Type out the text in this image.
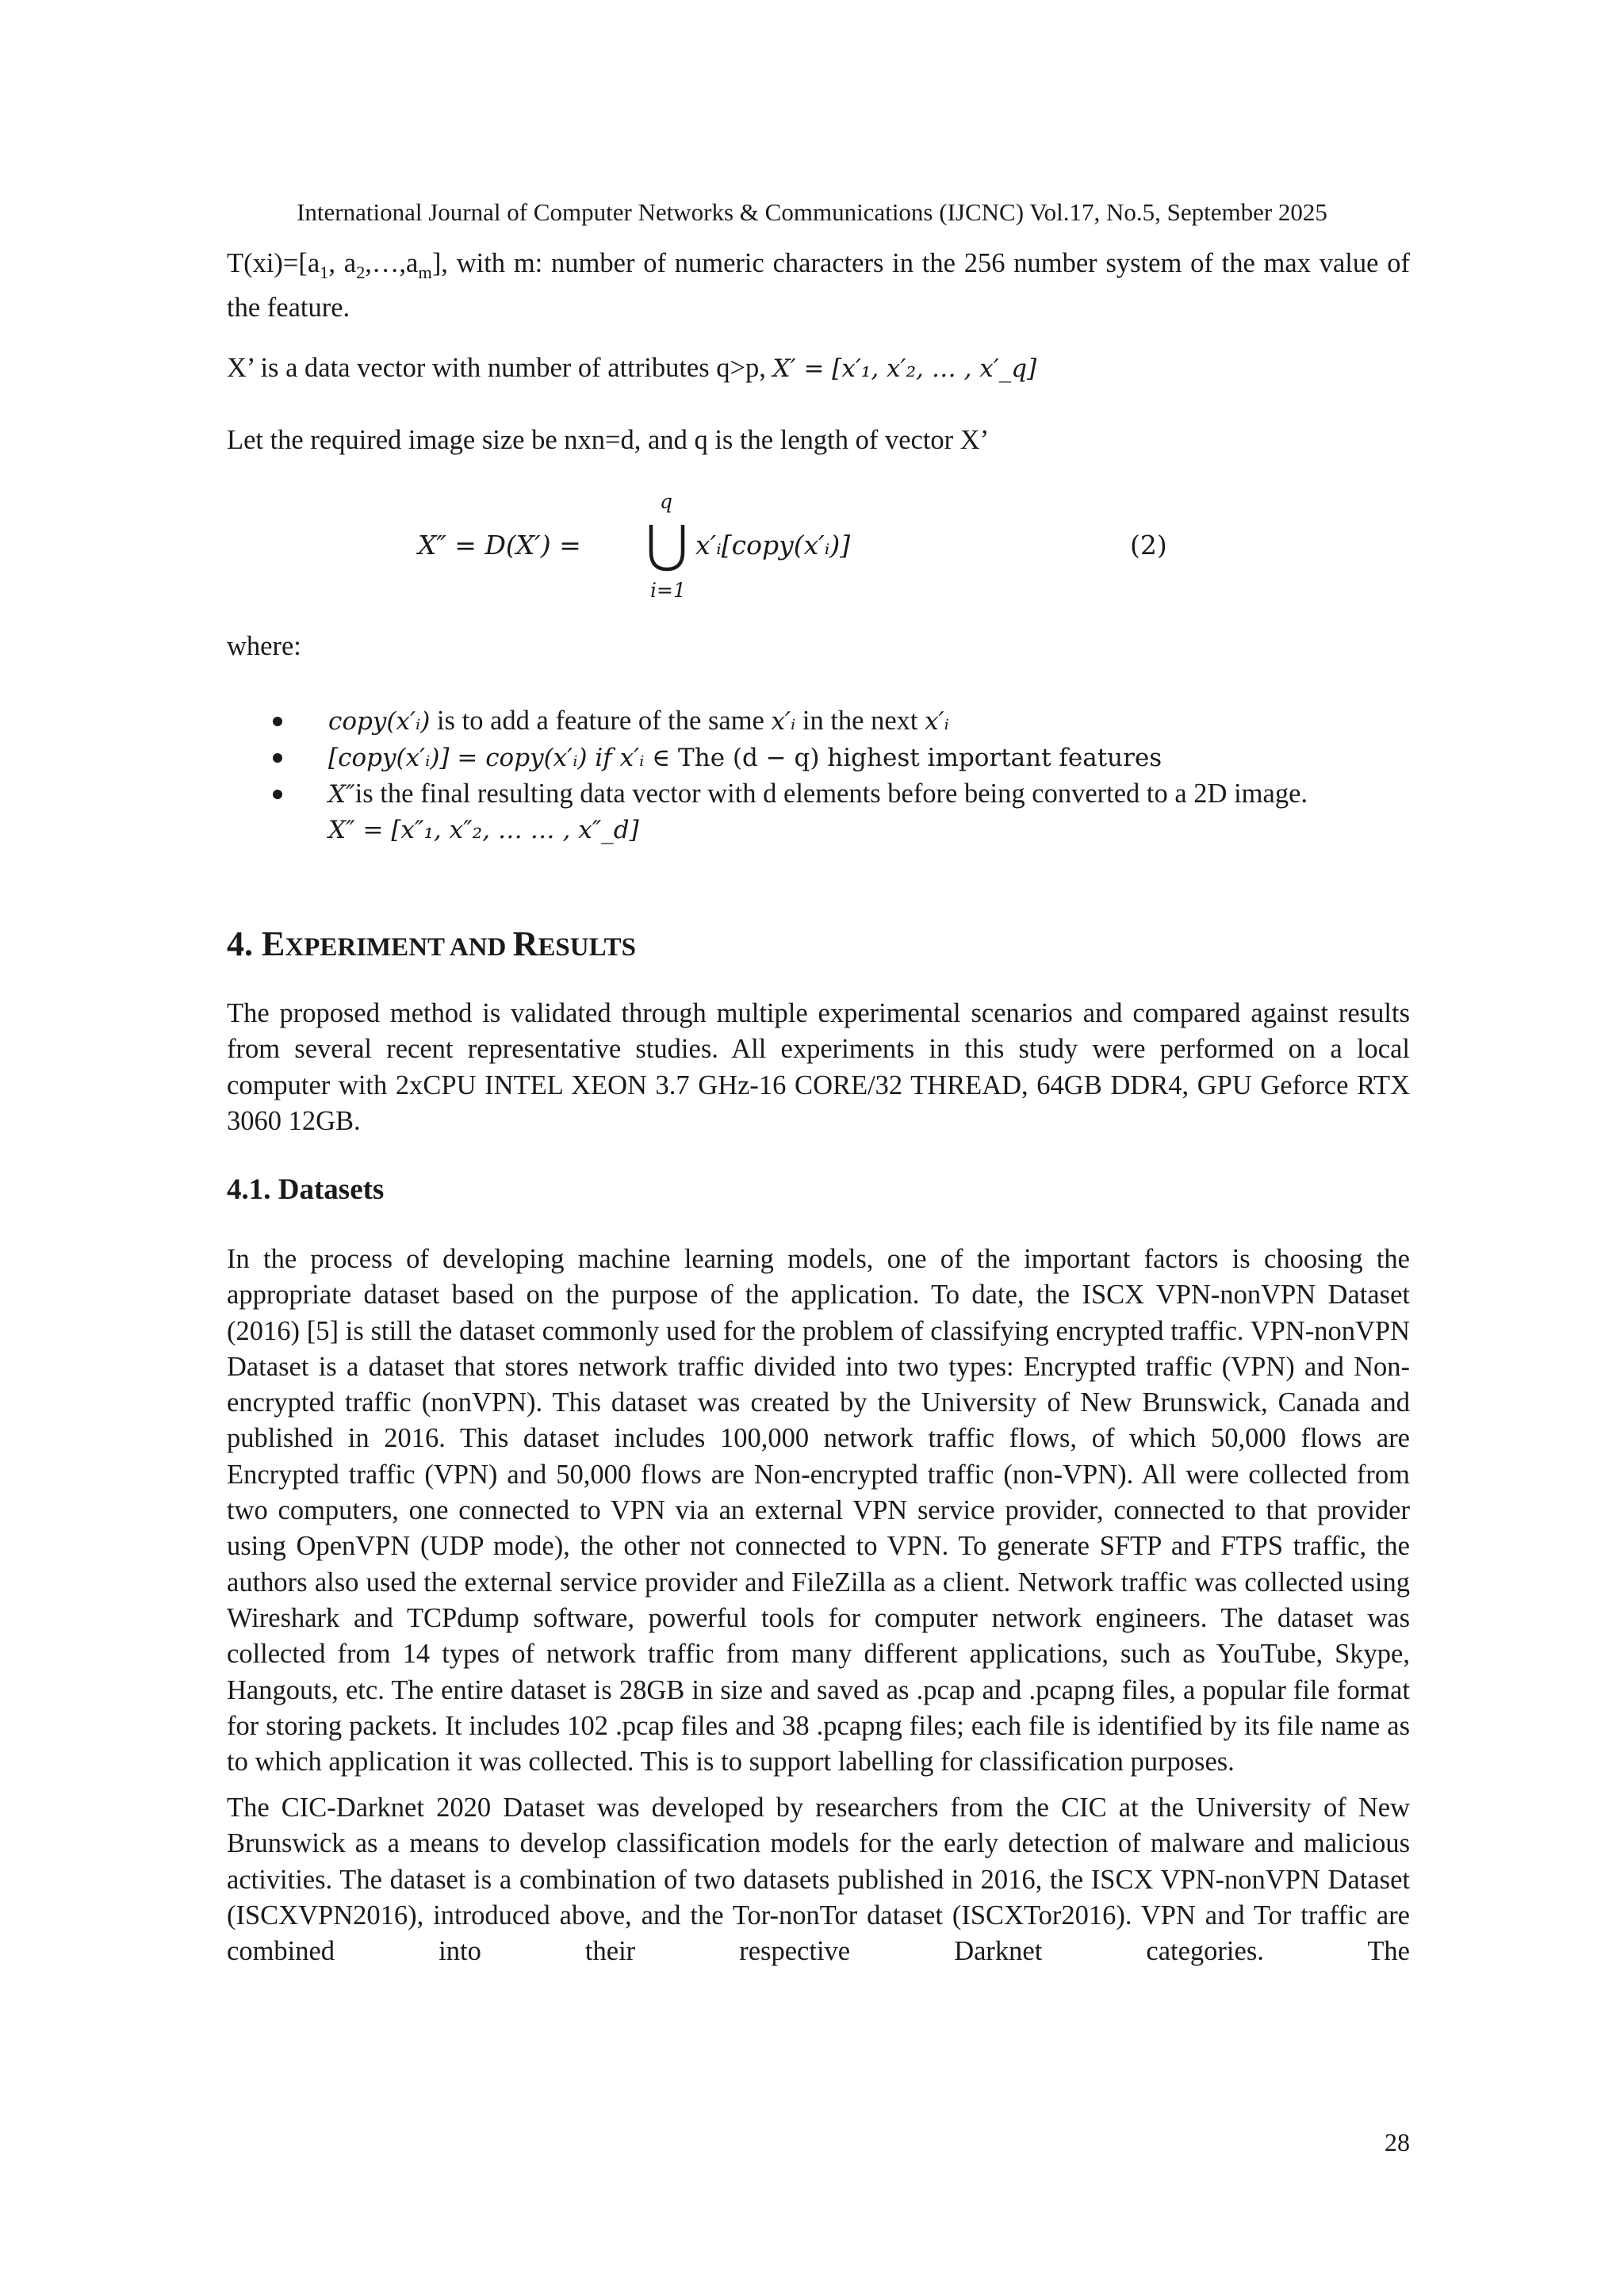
International Journal of Computer Networks & Communications (IJCNC) Vol.17, No.5, September 2025

$T(xi)=[a_1$, $a_2,\dots,a_m$], with m: number of numeric characters in the 256 number system of the max value of the feature.

X’ is a data vector with number of attributes q>p, X′ = [x′₁, x′₂, … , x′_q]
Let the required image size be nxn=d, and q is the length of vector X’
X″ = D(X′) =
q
i=1
x′ᵢ[copy(x′ᵢ)]	(2)
where:
copy(x′ᵢ) is to add a feature of the same x′ᵢ in the next x′ᵢ
[copy(x′ᵢ)] = copy(x′ᵢ) if x′ᵢ ∈ The (d − q) highest important features
X″is the final resulting data vector with d elements before being converted to a 2D image.
X″ = [x″₁, x″₂, … … , x″_d]
4. EXPERIMENT AND RESULTS

The proposed method is validated through multiple experimental scenarios and compared against results from several recent representative studies. All experiments in this study were performed on a local computer with 2xCPU INTEL XEON 3.7 GHz-16 CORE/32 THREAD, 64GB DDR4, GPU Geforce RTX 3060 12GB.

4.1. Datasets

In the process of developing machine learning models, one of the important factors is choosing the appropriate dataset based on the purpose of the application. To date, the ISCX VPN-nonVPN Dataset (2016) [5] is still the dataset commonly used for the problem of classifying encrypted traffic. VPN-nonVPN Dataset is a dataset that stores network traffic divided into two types: Encrypted traffic (VPN) and Non-encrypted traffic (nonVPN). This dataset was created by the University of New Brunswick, Canada and published in 2016. This dataset includes 100,000 network traffic flows, of which 50,000 flows are Encrypted traffic (VPN) and 50,000 flows are Non-encrypted traffic (non-VPN). All were collected from two computers, one connected to VPN via an external VPN service provider, connected to that provider using OpenVPN (UDP mode), the other not connected to VPN. To generate SFTP and FTPS traffic, the authors also used the external service provider and FileZilla as a client. Network traffic was collected using Wireshark and TCPdump software, powerful tools for computer network engineers. The dataset was collected from 14 types of network traffic from many different applications, such as YouTube, Skype, Hangouts, etc. The entire dataset is 28GB in size and saved as .pcap and .pcapng files, a popular file format for storing packets. It includes 102 .pcap files and 38 .pcapng files; each file is identified by its file name as to which application it was collected. This is to support labelling for classification purposes.

The CIC-Darknet 2020 Dataset was developed by researchers from the CIC at the University of New Brunswick as a means to develop classification models for the early detection of malware and malicious activities. The dataset is a combination of two datasets published in 2016, the ISCX VPN-nonVPN Dataset (ISCXVPN2016), introduced above, and the Tor-nonTor dataset (ISCXTor2016). VPN and Tor traffic are combined into their respective Darknet categories. The

28
